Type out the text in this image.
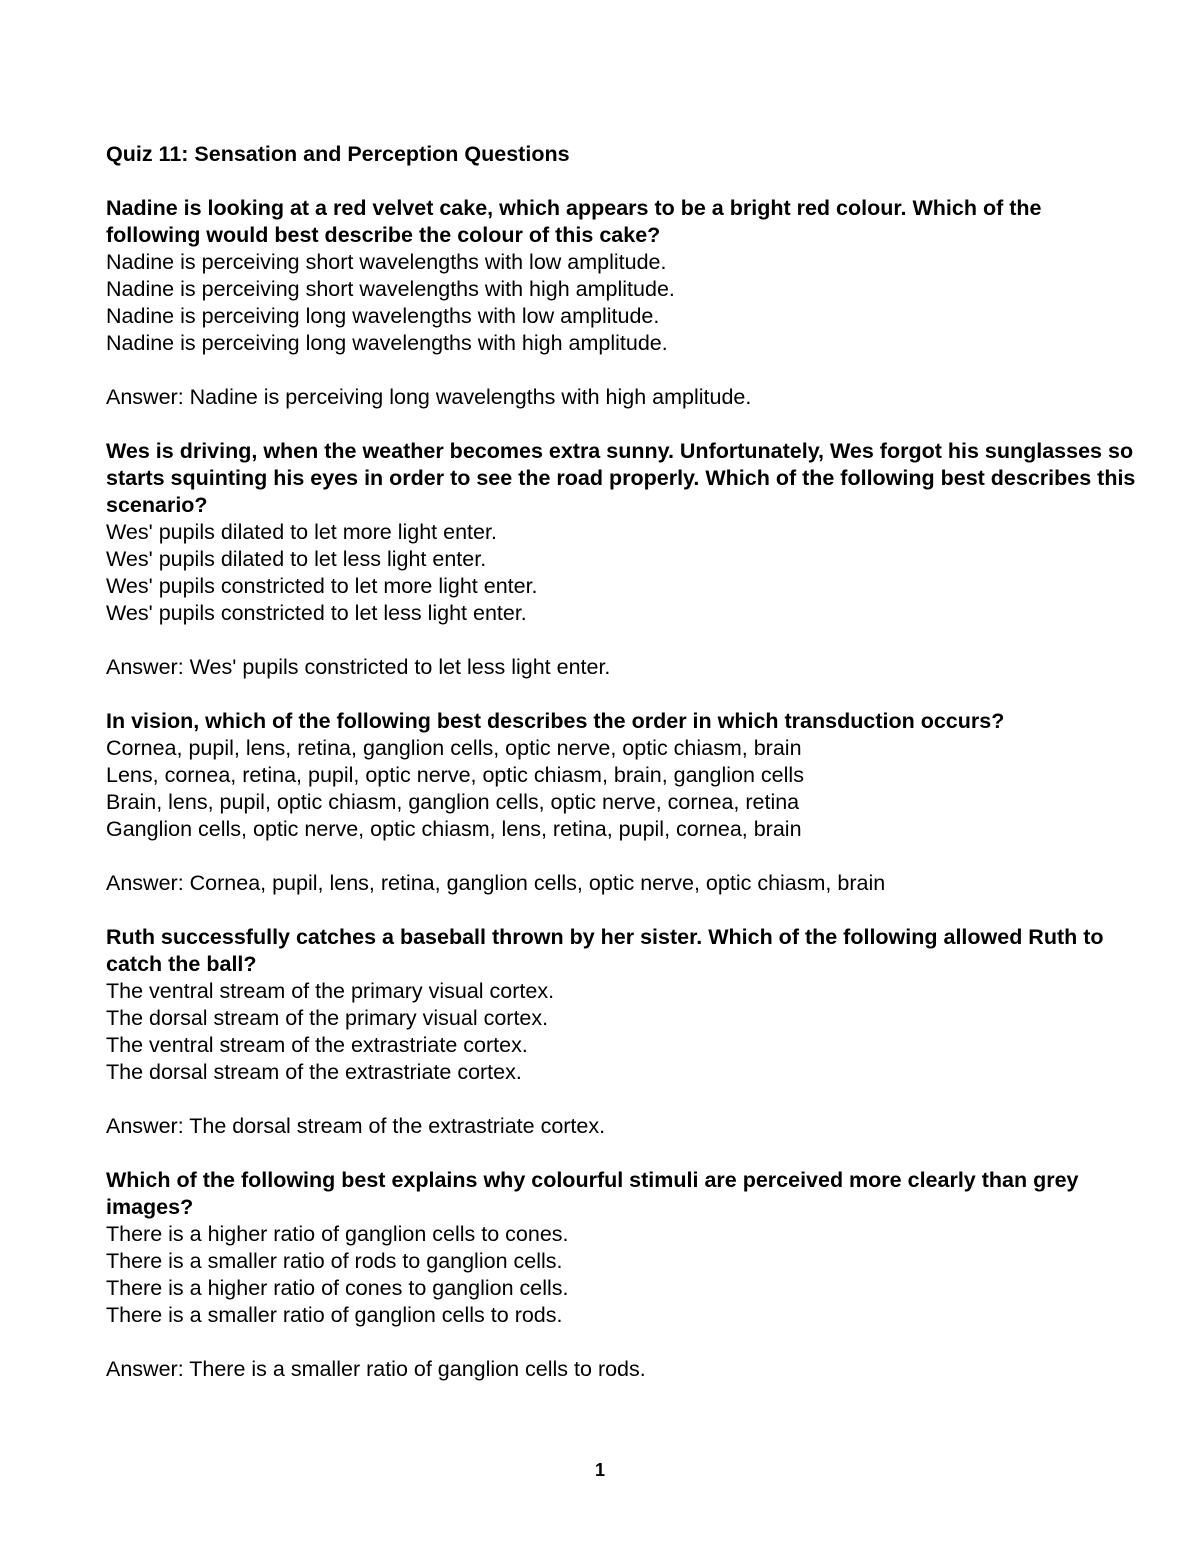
Quiz 11: Sensation and Perception Questions

Nadine is looking at a red velvet cake, which appears to be a bright red colour. Which of the following would best describe the colour of this cake?

Nadine is perceiving short wavelengths with low amplitude.
Nadine is perceiving short wavelengths with high amplitude.
Nadine is perceiving long wavelengths with low amplitude.
Nadine is perceiving long wavelengths with high amplitude.

Answer: Nadine is perceiving long wavelengths with high amplitude.

Wes is driving, when the weather becomes extra sunny. Unfortunately, Wes forgot his sunglasses so starts squinting his eyes in order to see the road properly. Which of the following best describes this scenario?

Wes' pupils dilated to let more light enter.
Wes' pupils dilated to let less light enter.
Wes' pupils constricted to let more light enter.
Wes' pupils constricted to let less light enter.

Answer: Wes' pupils constricted to let less light enter.

In vision, which of the following best describes the order in which transduction occurs?

Cornea, pupil, lens, retina, ganglion cells, optic nerve, optic chiasm, brain
Lens, cornea, retina, pupil, optic nerve, optic chiasm, brain, ganglion cells
Brain, lens, pupil, optic chiasm, ganglion cells, optic nerve, cornea, retina
Ganglion cells, optic nerve, optic chiasm, lens, retina, pupil, cornea, brain

Answer: Cornea, pupil, lens, retina, ganglion cells, optic nerve, optic chiasm, brain

Ruth successfully catches a baseball thrown by her sister. Which of the following allowed Ruth to catch the ball?

The ventral stream of the primary visual cortex.
The dorsal stream of the primary visual cortex.
The ventral stream of the extrastriate cortex.
The dorsal stream of the extrastriate cortex.

Answer: The dorsal stream of the extrastriate cortex.

Which of the following best explains why colourful stimuli are perceived more clearly than grey images?

There is a higher ratio of ganglion cells to cones.
There is a smaller ratio of rods to ganglion cells.
There is a higher ratio of cones to ganglion cells.
There is a smaller ratio of ganglion cells to rods.

Answer: There is a smaller ratio of ganglion cells to rods.

1
